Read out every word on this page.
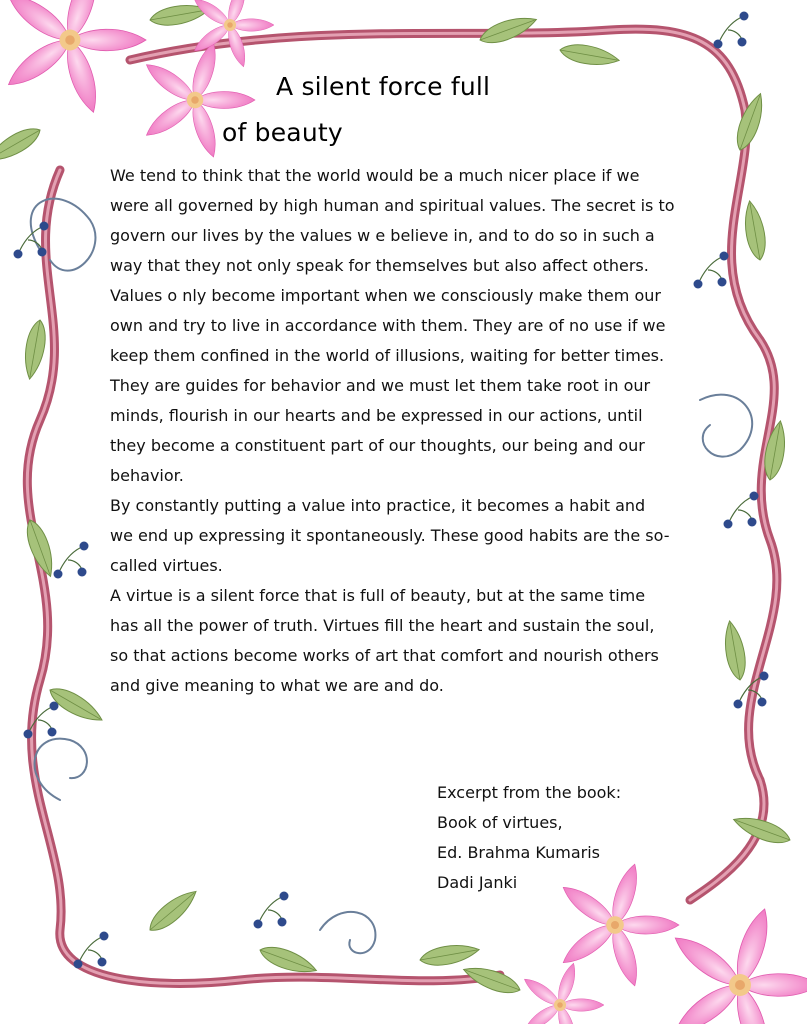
A silent force full
of beauty
We tend to think that the world would be a much nicer place if we
were all governed by high human and spiritual values. The secret is to
govern our lives by the values w e believe in, and to do so in such a
way that they not only speak for themselves but also affect others.
Values o nly become important when we consciously make them our
own and try to live in accordance with them. They are of no use if we
keep them confined in the world of illusions, waiting for better times.
They are guides for behavior and we must let them take root in our
minds, flourish in our hearts and be expressed in our actions, until
they become a constituent part of our thoughts, our being and our
behavior.
By constantly putting a value into practice, it becomes a habit and
we end up expressing it spontaneously. These good habits are the so-
called virtues.
A virtue is a silent force that is full of beauty, but at the same time
has all the power of truth. Virtues fill the heart and sustain the soul,
so that actions become works of art that comfort and nourish others
and give meaning to what we are and do.
Excerpt from the book:
Book of virtues,
Ed. Brahma Kumaris
Dadi Janki
